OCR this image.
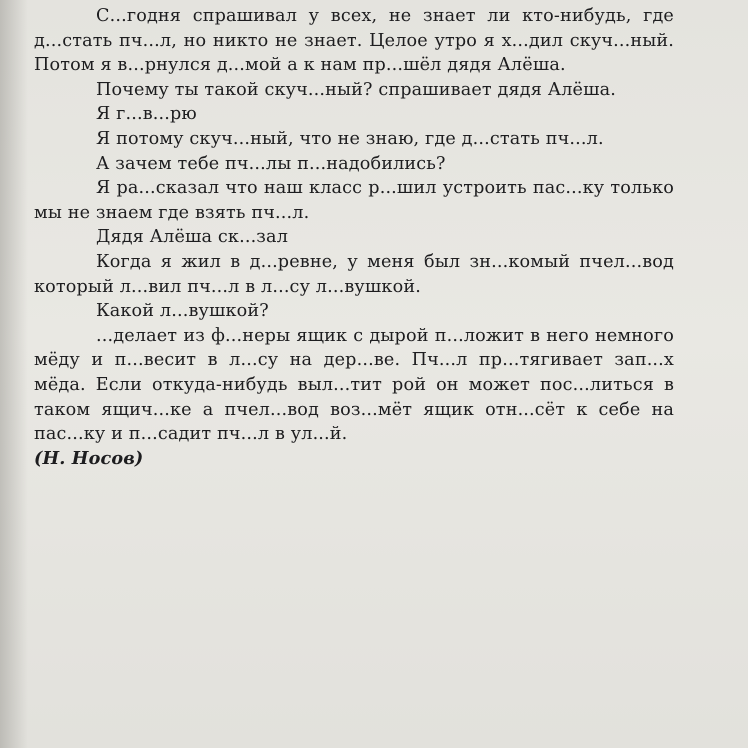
С...годня спрашивал у всех, не знает ли кто-нибудь, где д...стать пч...л, но никто не знает. Целое утро я х...дил скуч...ный. Потом я в...рнулся д...мой а к нам пр...шёл дядя Алёша.

Почему ты такой скуч...ный? спрашивает дядя Алёша.

Я г...в...рю

Я потому скуч...ный, что не знаю, где д...стать пч...л.

А зачем тебе пч...лы п...надобились?

Я ра...сказал что наш класс р...шил устроить пас...ку только мы не знаем где взять пч...л.

Дядя Алёша ск...зал

Когда я жил в д...ревне, у меня был зн...комый пчел...вод который л...вил пч...л в л...су л...вушкой.

Какой л...вушкой?

...делает из ф...неры ящик с дырой п...ложит в него немного мёду и п...весит в л...су на дер...ве. Пч...л пр...тягивает зап...х мёда. Если откуда-нибудь выл...тит рой он может пос...литься в таком ящич...ке а пчел...вод воз...мёт ящик отн...сёт к себе на пас...ку и п...садит пч...л в ул...й.

(Н. Носов)
